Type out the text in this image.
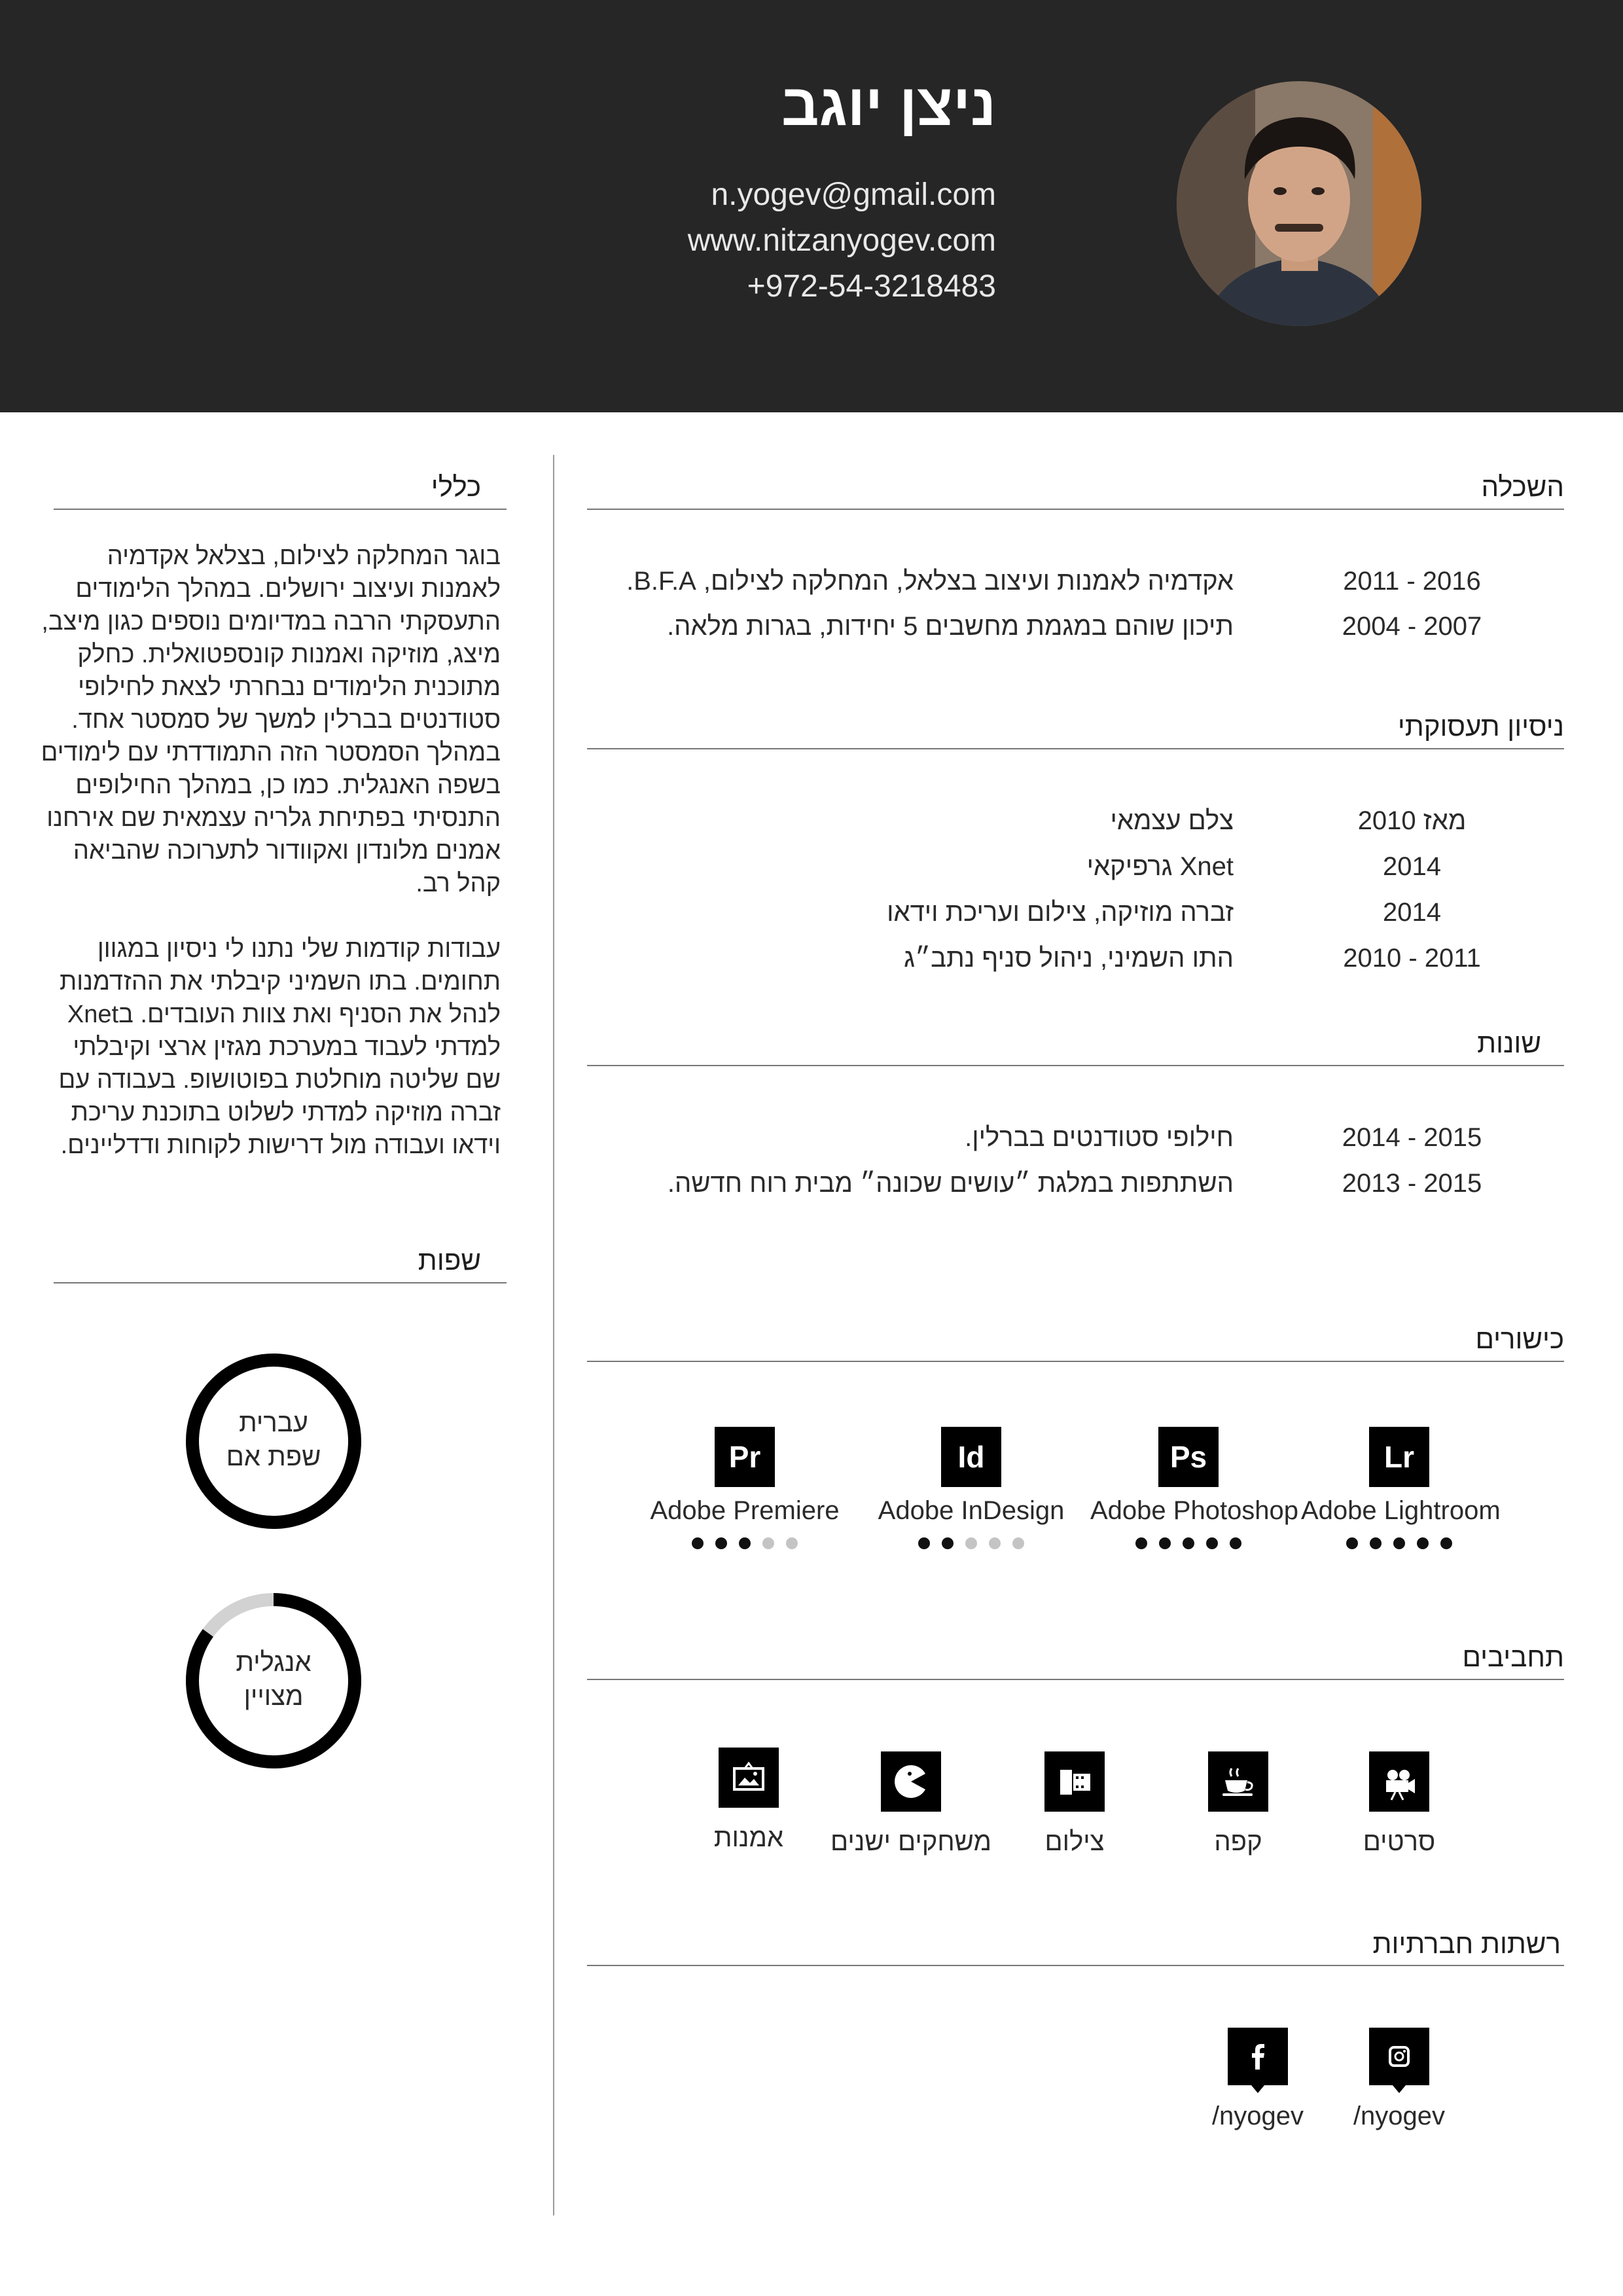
ניצן יוגב
n.yogev@gmail.com
www.nitzanyogev.com
+972-54-3218483
כללי
בוגר המחלקה לצילום, בצלאל אקדמיה לאמנות ועיצוב ירושלים. במהלך הלימודים התעסקתי הרבה במדיומים נוספים כגון מיצב, מיצג, מוזיקה ואמנות קונספטואלית. כחלק מתוכנית הלימודים נבחרתי לצאת לחילופי סטודנטים בברלין למשך של סמסטר אחד. במהלך הסמסטר הזה התמודדתי עם לימודים בשפה האנגלית. כמו כן, במהלך החילופים התנסיתי בפתיחת גלריה עצמאית שם אירחנו אמנים מלונדון ואקוודור לתערוכה שהביאה קהל רב.
עבודות קודמות שלי נתנו לי ניסיון במגוון תחומים. בתו השמיני קיבלתי את ההזדמנות לנהל את הסניף ואת צוות העובדים. בXnet למדתי לעבוד במערכת מגזין ארצי וקיבלתי שם שליטה מוחלטת בפוטושופ. בעבודה עם זברה מוזיקה למדתי לשלוט בתוכנת עריכת וידאו ועבודה מול דרישות לקוחות ודדליינים.
שפות
עברית
שפת אם
אנגלית
מצויין
השכלה
2011 - 2016
אקדמיה לאמנות ועיצוב בצלאל, המחלקה לצילום, B.F.A.
2004 - 2007
תיכון שוהם במגמת מחשבים 5 יחידות, בגרות מלאה.
ניסיון תעסוקתי
מאז 2010
צלם עצמאי
2014
Xnet גרפיקאי
2014
זברה מוזיקה, צילום ועריכת וידאו
2010 - 2011
התו השמיני, ניהול סניף נתב״ג
שונות
2014 - 2015
חילופי סטודנטים בברלין.
2013 - 2015
השתתפות במלגת ״עושים שכונה״ מבית רוח חדשה.
כישורים
Lr
Adobe Lightroom
Ps
Adobe Photoshop
Id
Adobe InDesign
Pr
Adobe Premiere
תחביבים
סרטים
קפה
צילום
משחקים ישנים
אמנות
רשתות חברתיות
/nyogev
/nyogev
